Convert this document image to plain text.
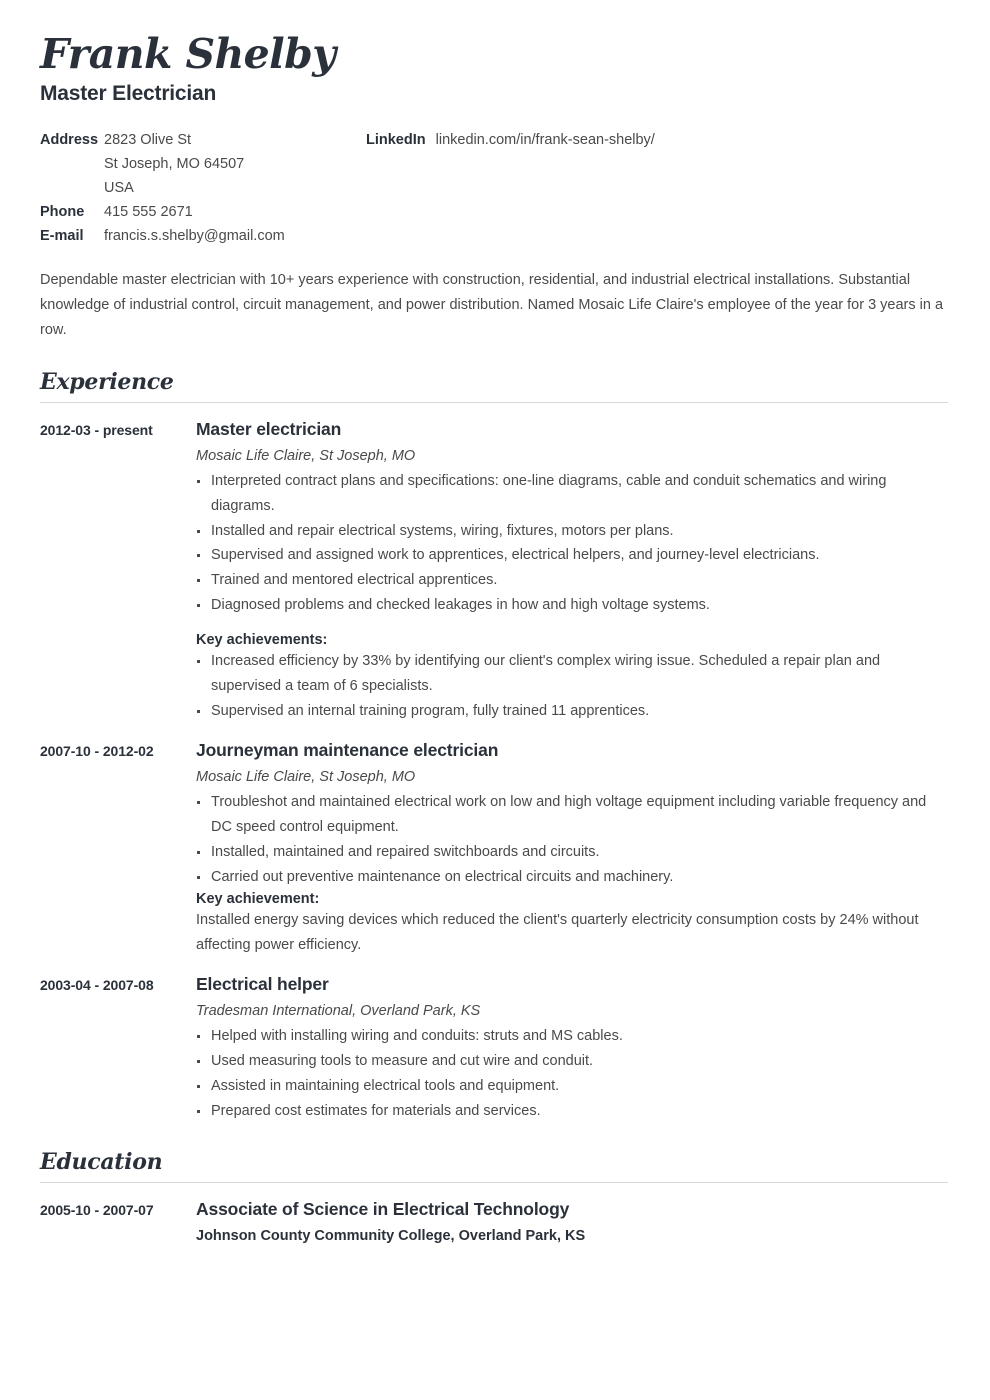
Frank Shelby
Master Electrician
Address 2823 Olive St
St Joseph, MO 64507
USA
Phone	415 555 2671
E-mail	francis.s.shelby@gmail.com
LinkedIn linkedin.com/in/frank-sean-shelby/

Dependable master electrician with 10+ years experience with construction, residential, and industrial electrical installations. Substantial knowledge of industrial control, circuit management, and power distribution. Named Mosaic Life Claire's employee of the year for 3 years in a row.

Experience
2012-03 - present	Master electrician
Mosaic Life Claire, St Joseph, MO
Interpreted contract plans and specifications: one-line diagrams, cable and conduit schematics and wiring diagrams.
Installed and repair electrical systems, wiring, fixtures, motors per plans.
Supervised and assigned work to apprentices, electrical helpers, and journey-level electricians.
Trained and mentored electrical apprentices.
Diagnosed problems and checked leakages in how and high voltage systems.
Key achievements:
Increased efficiency by 33% by identifying our client's complex wiring issue. Scheduled a repair plan and supervised a team of 6 specialists.
Supervised an internal training program, fully trained 11 apprentices.
2007-10 - 2012-02	Journeyman maintenance electrician
Mosaic Life Claire, St Joseph, MO
Troubleshot and maintained electrical work on low and high voltage equipment including variable frequency and DC speed control equipment.
Installed, maintained and repaired switchboards and circuits.
Carried out preventive maintenance on electrical circuits and machinery.
Key achievement:

Installed energy saving devices which reduced the client's quarterly electricity consumption costs by 24% without affecting power efficiency.

2003-04 - 2007-08	Electrical helper
Tradesman International, Overland Park, KS
Helped with installing wiring and conduits: struts and MS cables.
Used measuring tools to measure and cut wire and conduit.
Assisted in maintaining electrical tools and equipment.
Prepared cost estimates for materials and services.
Education
2005-10 - 2007-07	Associate of Science in Electrical Technology
Johnson County Community College, Overland Park, KS
